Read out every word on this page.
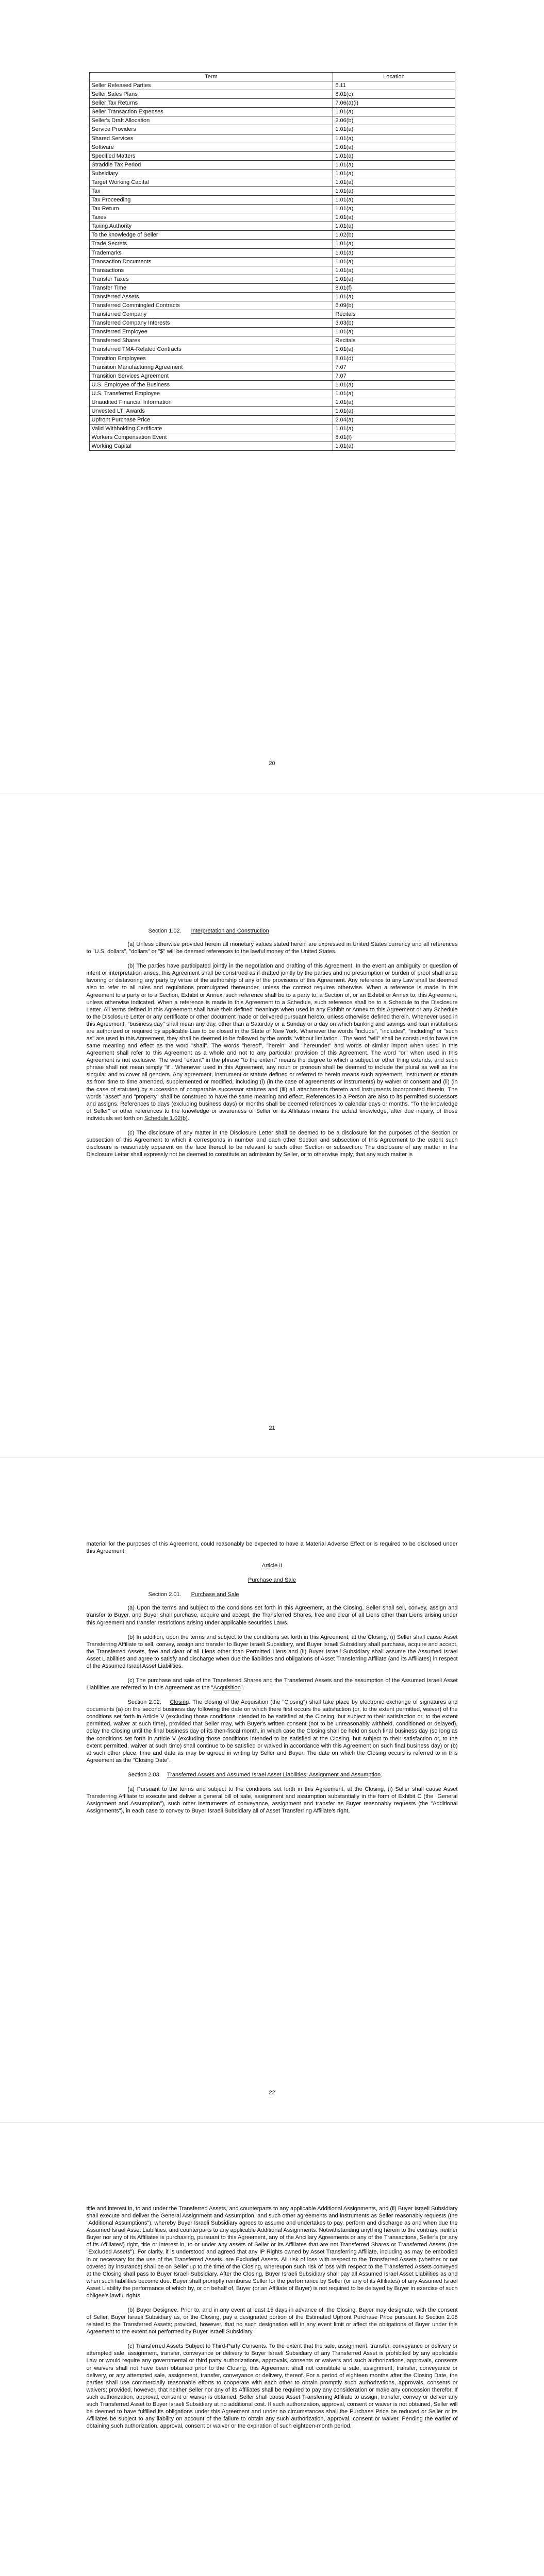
Term	Location
Seller Released Parties	6.11
Seller Sales Plans	8.01(c)
Seller Tax Returns	7.06(a)(i)
Seller Transaction Expenses	1.01(a)
Seller's Draft Allocation	2.06(b)
Service Providers	1.01(a)
Shared Services	1.01(a)
Software	1.01(a)
Specified Matters	1.01(a)
Straddle Tax Period	1.01(a)
Subsidiary	1.01(a)
Target Working Capital	1.01(a)
Tax	1.01(a)
Tax Proceeding	1.01(a)
Tax Return	1.01(a)
Taxes	1.01(a)
Taxing Authority	1.01(a)
To the knowledge of Seller	1.02(b)
Trade Secrets	1.01(a)
Trademarks	1.01(a)
Transaction Documents	1.01(a)
Transactions	1.01(a)
Transfer Taxes	1.01(a)
Transfer Time	8.01(f)
Transferred Assets	1.01(a)
Transferred Commingled Contracts	6.09(b)
Transferred Company	Recitals
Transferred Company Interests	3.03(b)
Transferred Employee	1.01(a)
Transferred Shares	Recitals
Transferred TMA-Related Contracts	1.01(a)
Transition Employees	8.01(d)
Transition Manufacturing Agreement	7.07
Transition Services Agreement	7.07
U.S. Employee of the Business	1.01(a)
U.S. Transferred Employee	1.01(a)
Unaudited Financial Information	1.01(a)
Unvested LTI Awards	1.01(a)
Upfront Purchase Price	2.04(a)
Valid Withholding Certificate	1.01(a)
Workers Compensation Event	8.01(f)
Working Capital	1.01(a)
20
Section 1.02. Interpretation and Construction

(a) Unless otherwise provided herein all monetary values stated herein are expressed in United States currency and all references to "U.S. dollars", "dollars" or "$" will be deemed references to the lawful money of the United States.

(b) The parties have participated jointly in the negotiation and drafting of this Agreement. In the event an ambiguity or question of intent or interpretation arises, this Agreement shall be construed as if drafted jointly by the parties and no presumption or burden of proof shall arise favoring or disfavoring any party by virtue of the authorship of any of the provisions of this Agreement. Any reference to any Law shall be deemed also to refer to all rules and regulations promulgated thereunder, unless the context requires otherwise. When a reference is made in this Agreement to a party or to a Section, Exhibit or Annex, such reference shall be to a party to, a Section of, or an Exhibit or Annex to, this Agreement, unless otherwise indicated. When a reference is made in this Agreement to a Schedule, such reference shall be to a Schedule to the Disclosure Letter. All terms defined in this Agreement shall have their defined meanings when used in any Exhibit or Annex to this Agreement or any Schedule to the Disclosure Letter or any certificate or other document made or delivered pursuant hereto, unless otherwise defined therein. Whenever used in this Agreement, "business day" shall mean any day, other than a Saturday or a Sunday or a day on which banking and savings and loan institutions are authorized or required by applicable Law to be closed in the State of New York. Whenever the words "include", "includes", "including" or "such as" are used in this Agreement, they shall be deemed to be followed by the words "without limitation". The word "will" shall be construed to have the same meaning and effect as the word "shall". The words "hereof", "herein" and "hereunder" and words of similar import when used in this Agreement shall refer to this Agreement as a whole and not to any particular provision of this Agreement. The word "or" when used in this Agreement is not exclusive. The word "extent" in the phrase "to the extent" means the degree to which a subject or other thing extends, and such phrase shall not mean simply "if". Whenever used in this Agreement, any noun or pronoun shall be deemed to include the plural as well as the singular and to cover all genders. Any agreement, instrument or statute defined or referred to herein means such agreement, instrument or statute as from time to time amended, supplemented or modified, including (i) (in the case of agreements or instruments) by waiver or consent and (ii) (in the case of statutes) by succession of comparable successor statutes and (iii) all attachments thereto and instruments incorporated therein. The words "asset" and "property" shall be construed to have the same meaning and effect. References to a Person are also to its permitted successors and assigns. References to days (excluding business days) or months shall be deemed references to calendar days or months. "To the knowledge of Seller" or other references to the knowledge or awareness of Seller or its Affiliates means the actual knowledge, after due inquiry, of those individuals set forth on Schedule 1.02(b).

(c) The disclosure of any matter in the Disclosure Letter shall be deemed to be a disclosure for the purposes of the Section or subsection of this Agreement to which it corresponds in number and each other Section and subsection of this Agreement to the extent such disclosure is reasonably apparent on the face thereof to be relevant to such other Section or subsection. The disclosure of any matter in the Disclosure Letter shall expressly not be deemed to constitute an admission by Seller, or to otherwise imply, that any such matter is

21

material for the purposes of this Agreement, could reasonably be expected to have a Material Adverse Effect or is required to be disclosed under this Agreement.

Article II

Purchase and Sale

Section 2.01. Purchase and Sale

(a) Upon the terms and subject to the conditions set forth in this Agreement, at the Closing, Seller shall sell, convey, assign and transfer to Buyer, and Buyer shall purchase, acquire and accept, the Transferred Shares, free and clear of all Liens other than Liens arising under this Agreement and transfer restrictions arising under applicable securities Laws.

(b) In addition, upon the terms and subject to the conditions set forth in this Agreement, at the Closing, (i) Seller shall cause Asset Transferring Affiliate to sell, convey, assign and transfer to Buyer Israeli Subsidiary, and Buyer Israeli Subsidiary shall purchase, acquire and accept, the Transferred Assets, free and clear of all Liens other than Permitted Liens and (ii) Buyer Israeli Subsidiary shall assume the Assumed Israel Asset Liabilities and agree to satisfy and discharge when due the liabilities and obligations of Asset Transferring Affiliate (and its Affiliates) in respect of the Assumed Israel Asset Liabilities.

(c) The purchase and sale of the Transferred Shares and the Transferred Assets and the assumption of the Assumed Israeli Asset Liabilities are referred to in this Agreement as the "Acquisition".

Section 2.02. Closing. The closing of the Acquisition (the "Closing") shall take place by electronic exchange of signatures and documents (a) on the second business day following the date on which there first occurs the satisfaction (or, to the extent permitted, waiver) of the conditions set forth in Article V (excluding those conditions intended to be satisfied at the Closing, but subject to their satisfaction or, to the extent permitted, waiver at such time), provided that Seller may, with Buyer's written consent (not to be unreasonably withheld, conditioned or delayed), delay the Closing until the final business day of its then-fiscal month, in which case the Closing shall be held on such final business day (so long as the conditions set forth in Article V (excluding those conditions intended to be satisfied at the Closing, but subject to their satisfaction or, to the extent permitted, waiver at such time) shall continue to be satisfied or waived in accordance with this Agreement on such final business day) or (b) at such other place, time and date as may be agreed in writing by Seller and Buyer. The date on which the Closing occurs is referred to in this Agreement as the "Closing Date".

Section 2.03. Transferred Assets and Assumed Israel Asset Liabilities; Assignment and Assumption.

(a) Pursuant to the terms and subject to the conditions set forth in this Agreement, at the Closing, (i) Seller shall cause Asset Transferring Affiliate to execute and deliver a general bill of sale, assignment and assumption substantially in the form of Exhibit C (the "General Assignment and Assumption"), such other instruments of conveyance, assignment and transfer as Buyer reasonably requests (the "Additional Assignments"), in each case to convey to Buyer Israeli Subsidiary all of Asset Transferring Affiliate's right,

22

title and interest in, to and under the Transferred Assets, and counterparts to any applicable Additional Assignments, and (ii) Buyer Israeli Subsidiary shall execute and deliver the General Assignment and Assumption, and such other agreements and instruments as Seller reasonably requests (the "Additional Assumptions"), whereby Buyer Israeli Subsidiary agrees to assume and undertakes to pay, perform and discharge as and when due the Assumed Israel Asset Liabilities, and counterparts to any applicable Additional Assignments. Notwithstanding anything herein to the contrary, neither Buyer nor any of its Affiliates is purchasing, pursuant to this Agreement, any of the Ancillary Agreements or any of the Transactions, Seller's (or any of its Affiliates') right, title or interest in, to or under any assets of Seller or its Affiliates that are not Transferred Shares or Transferred Assets (the "Excluded Assets"). For clarity, it is understood and agreed that any IP Rights owned by Asset Transferring Affiliate, including as may be embodied in or necessary for the use of the Transferred Assets, are Excluded Assets. All risk of loss with respect to the Transferred Assets (whether or not covered by insurance) shall be on Seller up to the time of the Closing, whereupon such risk of loss with respect to the Transferred Assets conveyed at the Closing shall pass to Buyer Israeli Subsidiary. After the Closing, Buyer Israeli Subsidiary shall pay all Assumed Israel Asset Liabilities as and when such liabilities become due. Buyer shall promptly reimburse Seller for the performance by Seller (or any of its Affiliates) of any Assumed Israel Asset Liability the performance of which by, or on behalf of, Buyer (or an Affiliate of Buyer) is not required to be delayed by Buyer in exercise of such obligee's lawful rights.

(b) Buyer Designee. Prior to, and in any event at least 15 days in advance of, the Closing, Buyer may designate, with the consent of Seller, Buyer Israeli Subsidiary as, or the Closing, pay a designated portion of the Estimated Upfront Purchase Price pursuant to Section 2.05 related to the Transferred Assets; provided, however, that no such designation will in any event limit or affect the obligations of Buyer under this Agreement to the extent not performed by Buyer Israeli Subsidiary.

(c) Transferred Assets Subject to Third-Party Consents. To the extent that the sale, assignment, transfer, conveyance or delivery or attempted sale, assignment, transfer, conveyance or delivery to Buyer Israeli Subsidiary of any Transferred Asset is prohibited by any applicable Law or would require any governmental or third party authorizations, approvals, consents or waivers and such authorizations, approvals, consents or waivers shall not have been obtained prior to the Closing, this Agreement shall not constitute a sale, assignment, transfer, conveyance or delivery, or any attempted sale, assignment, transfer, conveyance or delivery, thereof. For a period of eighteen months after the Closing Date, the parties shall use commercially reasonable efforts to cooperate with each other to obtain promptly such authorizations, approvals, consents or waivers; provided, however, that neither Seller nor any of its Affiliates shall be required to pay any consideration or make any concession therefor. If such authorization, approval, consent or waiver is obtained, Seller shall cause Asset Transferring Affiliate to assign, transfer, convey or deliver any such Transferred Asset to Buyer Israeli Subsidiary at no additional cost. If such authorization, approval, consent or waiver is not obtained, Seller will be deemed to have fulfilled its obligations under this Agreement and under no circumstances shall the Purchase Price be reduced or Seller or its Affiliates be subject to any liability on account of the failure to obtain any such authorization, approval, consent or waiver. Pending the earlier of obtaining such authorization, approval, consent or waiver or the expiration of such eighteen-month period,
